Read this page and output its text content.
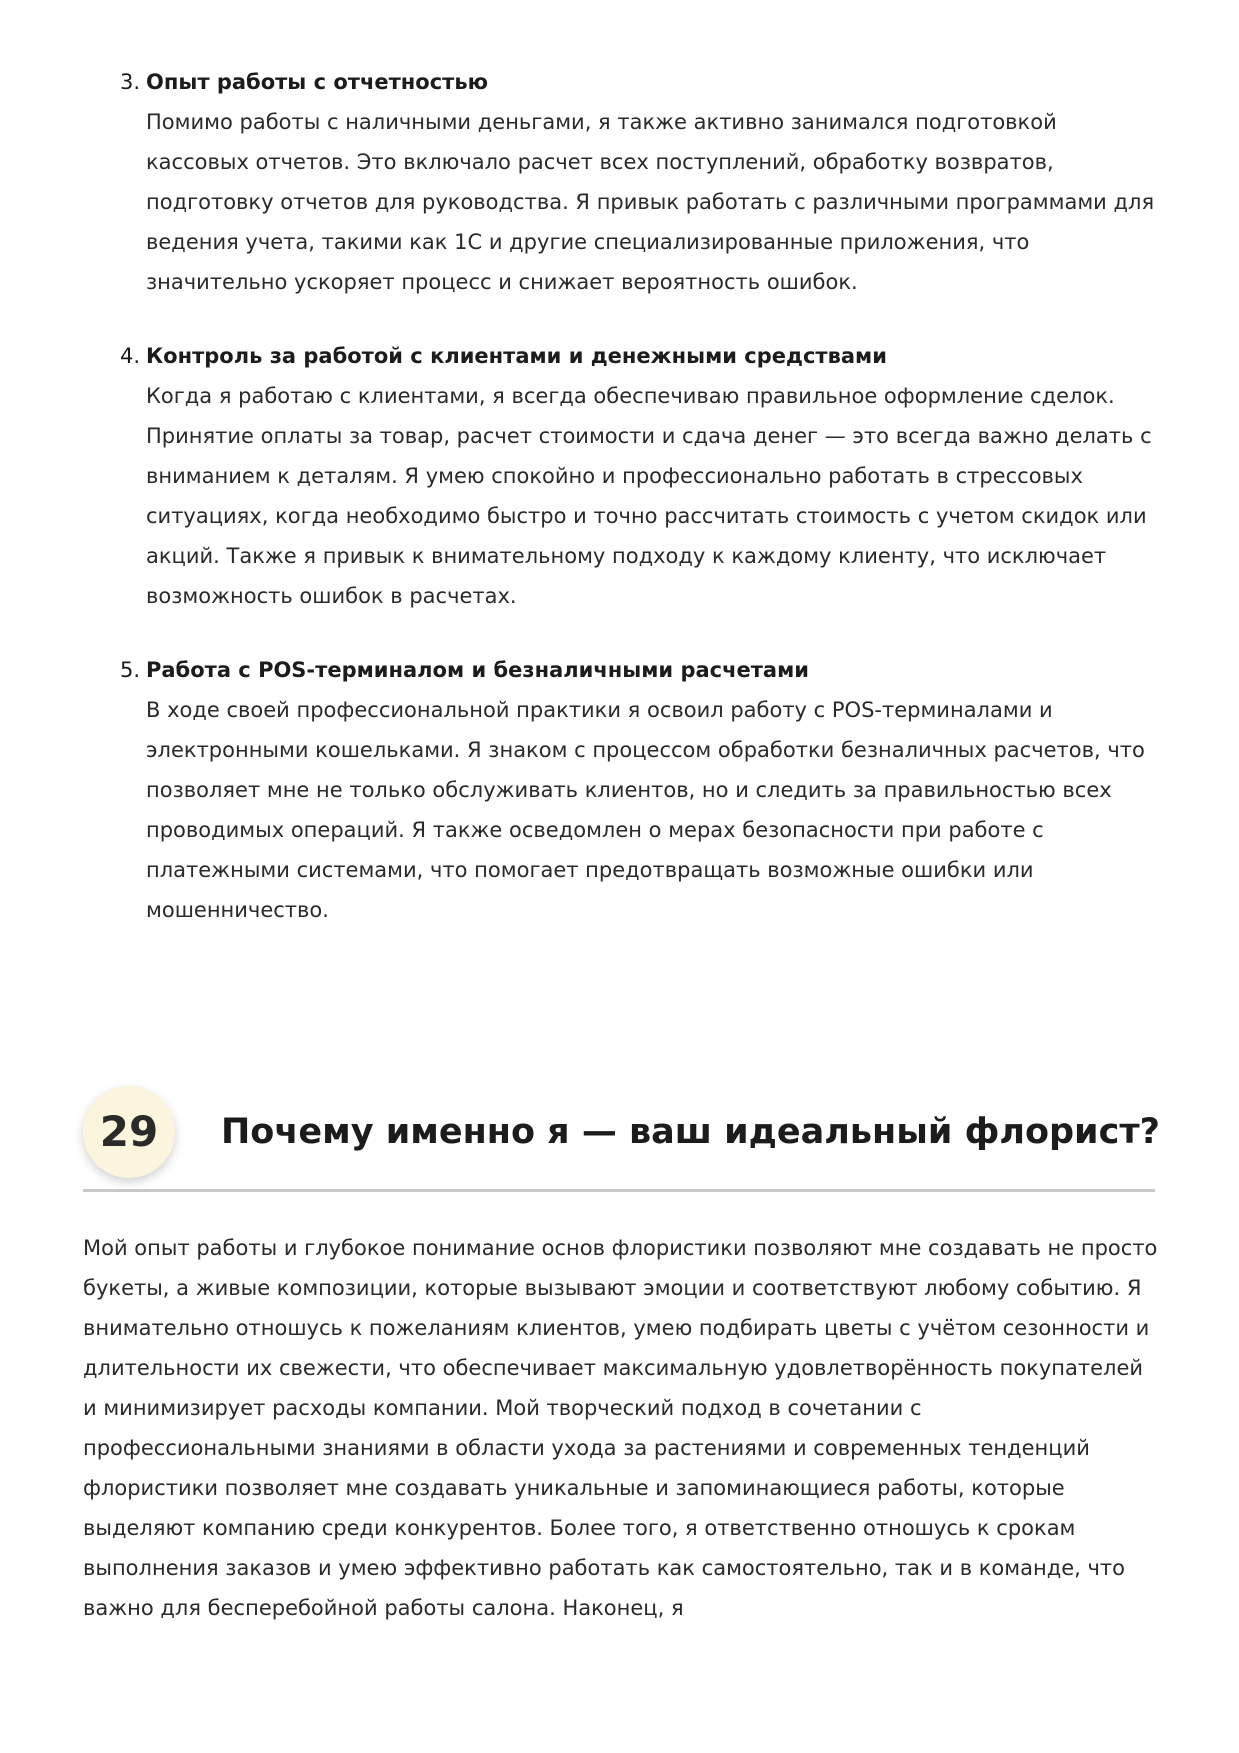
3. Опыт работы с отчетностью
Помимо работы с наличными деньгами, я также активно занимался подготовкой кассовых отчетов. Это включало расчет всех поступлений, обработку возвратов, подготовку отчетов для руководства. Я привык работать с различными программами для ведения учета, такими как 1С и другие специализированные приложения, что значительно ускоряет процесс и снижает вероятность ошибок.
4. Контроль за работой с клиентами и денежными средствами
Когда я работаю с клиентами, я всегда обеспечиваю правильное оформление сделок. Принятие оплаты за товар, расчет стоимости и сдача денег — это всегда важно делать с вниманием к деталям. Я умею спокойно и профессионально работать в стрессовых ситуациях, когда необходимо быстро и точно рассчитать стоимость с учетом скидок или акций. Также я привык к внимательному подходу к каждому клиенту, что исключает возможность ошибок в расчетах.
5. Работа с POS-терминалом и безналичными расчетами
В ходе своей профессиональной практики я освоил работу с POS-терминалами и электронными кошельками. Я знаком с процессом обработки безналичных расчетов, что позволяет мне не только обслуживать клиентов, но и следить за правильностью всех проводимых операций. Я также осведомлен о мерах безопасности при работе с платежными системами, что помогает предотвращать возможные ошибки или мошенничество.
29	Почему именно я — ваш идеальный флорист?

Мой опыт работы и глубокое понимание основ флористики позволяют мне создавать не просто букеты, а живые композиции, которые вызывают эмоции и соответствуют любому событию. Я внимательно отношусь к пожеланиям клиентов, умею подбирать цветы с учётом сезонности и длительности их свежести, что обеспечивает максимальную удовлетворённость покупателей и минимизирует расходы компании. Мой творческий подход в сочетании с профессиональными знаниями в области ухода за растениями и современных тенденций флористики позволяет мне создавать уникальные и запоминающиеся работы, которые выделяют компанию среди конкурентов. Более того, я ответственно отношусь к срокам выполнения заказов и умею эффективно работать как самостоятельно, так и в команде, что важно для бесперебойной работы салона. Наконец, я
